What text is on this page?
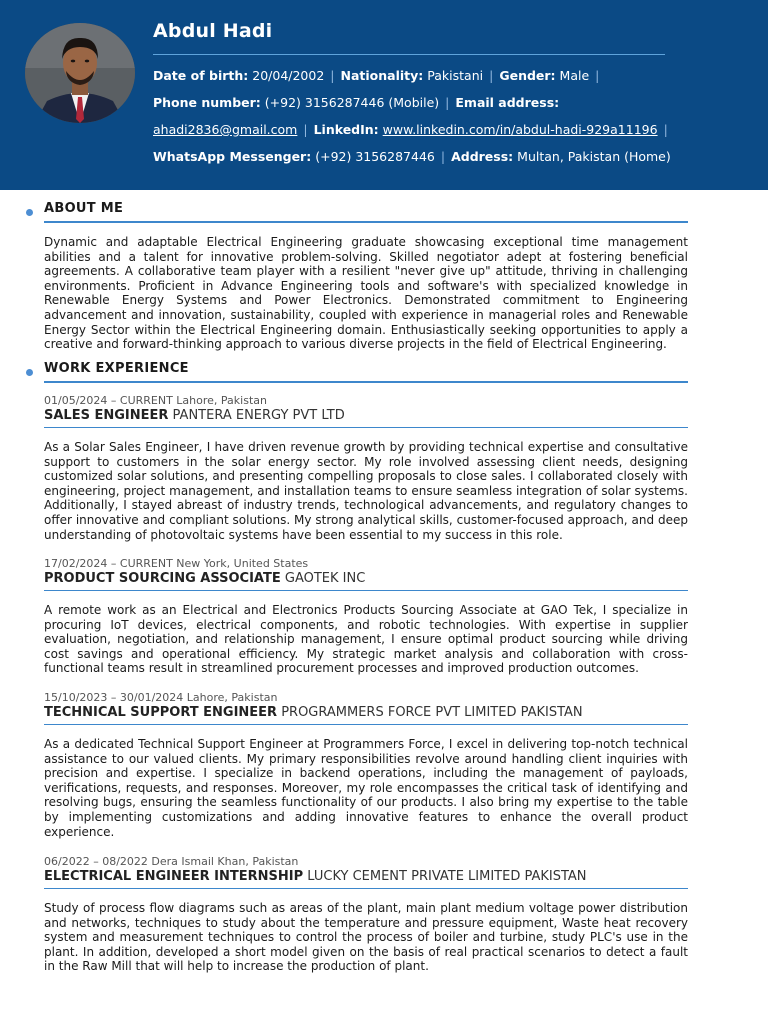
Abdul Hadi
Date of birth: 20/04/2002 | Nationality: Pakistani | Gender: Male |
Phone number: (+92) 3156287446 (Mobile) | Email address:
ahadi2836@gmail.com | LinkedIn: www.linkedin.com/in/abdul-hadi-929a11196 |
WhatsApp Messenger: (+92) 3156287446 | Address: Multan, Pakistan (Home)
ABOUT ME

Dynamic and adaptable Electrical Engineering graduate showcasing exceptional time management abilities and a talent for innovative problem-solving. Skilled negotiator adept at fostering beneficial agreements. A collaborative team player with a resilient "never give up" attitude, thriving in challenging environments. Proficient in Advance Engineering tools and software's with specialized knowledge in Renewable Energy Systems and Power Electronics. Demonstrated commitment to Engineering advancement and innovation, sustainability, coupled with experience in managerial roles and Renewable Energy Sector within the Electrical Engineering domain. Enthusiastically seeking opportunities to apply a creative and forward-thinking approach to various diverse projects in the field of Electrical Engineering.

WORK EXPERIENCE

01/05/2024 – CURRENT Lahore, Pakistan

SALES ENGINEER PANTERA ENERGY PVT LTD

As a Solar Sales Engineer, I have driven revenue growth by providing technical expertise and consultative support to customers in the solar energy sector. My role involved assessing client needs, designing customized solar solutions, and presenting compelling proposals to close sales. I collaborated closely with engineering, project management, and installation teams to ensure seamless integration of solar systems. Additionally, I stayed abreast of industry trends, technological advancements, and regulatory changes to offer innovative and compliant solutions. My strong analytical skills, customer-focused approach, and deep understanding of photovoltaic systems have been essential to my success in this role.

17/02/2024 – CURRENT New York, United States

PRODUCT SOURCING ASSOCIATE GAOTEK INC

A remote work as an Electrical and Electronics Products Sourcing Associate at GAO Tek, I specialize in procuring IoT devices, electrical components, and robotic technologies. With expertise in supplier evaluation, negotiation, and relationship management, I ensure optimal product sourcing while driving cost savings and operational efficiency. My strategic market analysis and collaboration with cross-functional teams result in streamlined procurement processes and improved production outcomes.

15/10/2023 – 30/01/2024 Lahore, Pakistan

TECHNICAL SUPPORT ENGINEER PROGRAMMERS FORCE PVT LIMITED PAKISTAN

As a dedicated Technical Support Engineer at Programmers Force, I excel in delivering top-notch technical assistance to our valued clients. My primary responsibilities revolve around handling client inquiries with precision and expertise. I specialize in backend operations, including the management of payloads, verifications, requests, and responses. Moreover, my role encompasses the critical task of identifying and resolving bugs, ensuring the seamless functionality of our products. I also bring my expertise to the table by implementing customizations and adding innovative features to enhance the overall product experience.

06/2022 – 08/2022 Dera Ismail Khan, Pakistan

ELECTRICAL ENGINEER INTERNSHIP LUCKY CEMENT PRIVATE LIMITED PAKISTAN

Study of process flow diagrams such as areas of the plant, main plant medium voltage power distribution and networks, techniques to study about the temperature and pressure equipment, Waste heat recovery system and measurement techniques to control the process of boiler and turbine, study PLC's use in the plant. In addition, developed a short model given on the basis of real practical scenarios to detect a fault in the Raw Mill that will help to increase the production of plant.
